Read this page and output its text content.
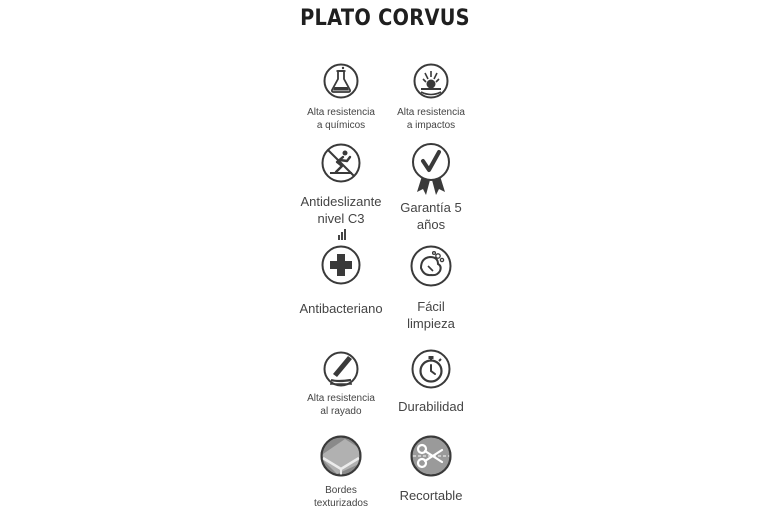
PLATO CORVUS
Alta resistencia
a químicos
Alta resistencia
a impactos
Antideslizante
nivel C3
Garantía 5
años
Antibacteriano	Fácil
limpieza
Alta resistencia
al rayado	Durabilidad
Bordes
texturizados
Recortable
